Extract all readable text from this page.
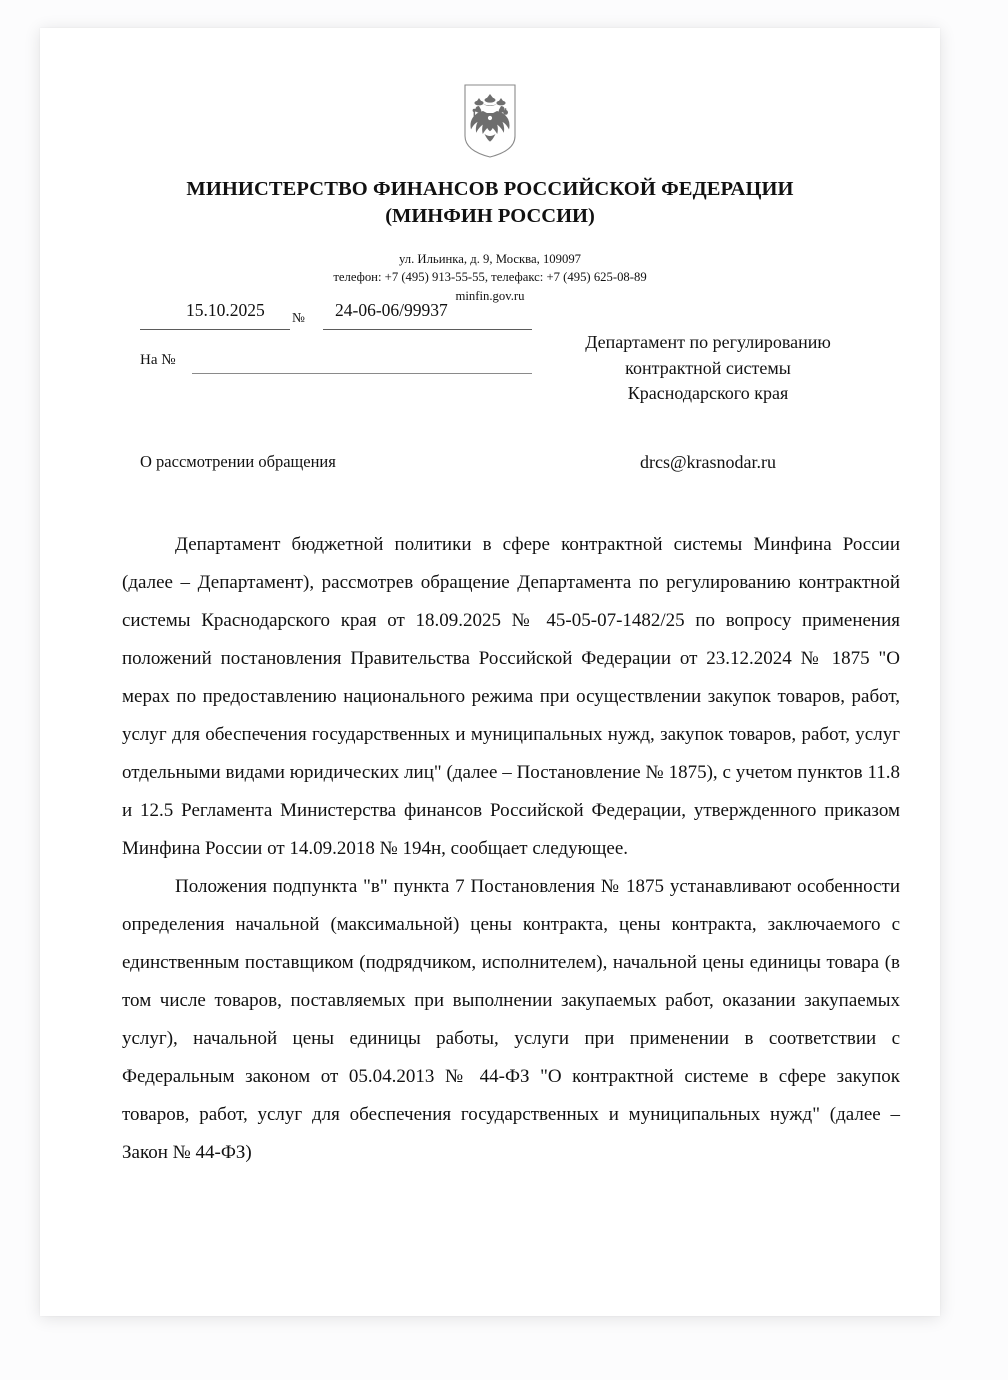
МИНИСТЕРСТВО ФИНАНСОВ РОССИЙСКОЙ ФЕДЕРАЦИИ
(МИНФИН РОССИИ)
ул. Ильинка, д. 9, Москва, 109097
телефон: +7 (495) 913-55-55, телефакс: +7 (495) 625-08-89
minfin.gov.ru
15.10.2025 № 24-06-06/99937
На №
Департамент по регулированию
контрактной системы
Краснодарского края
drcs@krasnodar.ru
О рассмотрении обращения

Департамент бюджетной политики в сфере контрактной системы Минфина России (далее – Департамент), рассмотрев обращение Департамента по регулированию контрактной системы Краснодарского края от 18.09.2025 № 45-05-07-1482/25 по вопросу применения положений постановления Правительства Российской Федерации от 23.12.2024 № 1875 "О мерах по предоставлению национального режима при осуществлении закупок товаров, работ, услуг для обеспечения государственных и муниципальных нужд, закупок товаров, работ, услуг отдельными видами юридических лиц" (далее – Постановление № 1875), с учетом пунктов 11.8 и 12.5 Регламента Министерства финансов Российской Федерации, утвержденного приказом Минфина России от 14.09.2018 № 194н, сообщает следующее.

Положения подпункта "в" пункта 7 Постановления № 1875 устанавливают особенности определения начальной (максимальной) цены контракта, цены контракта, заключаемого с единственным поставщиком (подрядчиком, исполнителем), начальной цены единицы товара (в том числе товаров, поставляемых при выполнении закупаемых работ, оказании закупаемых услуг), начальной цены единицы работы, услуги при применении в соответствии с Федеральным законом от 05.04.2013 № 44-ФЗ "О контрактной системе в сфере закупок товаров, работ, услуг для обеспечения государственных и муниципальных нужд" (далее – Закон № 44-ФЗ)
